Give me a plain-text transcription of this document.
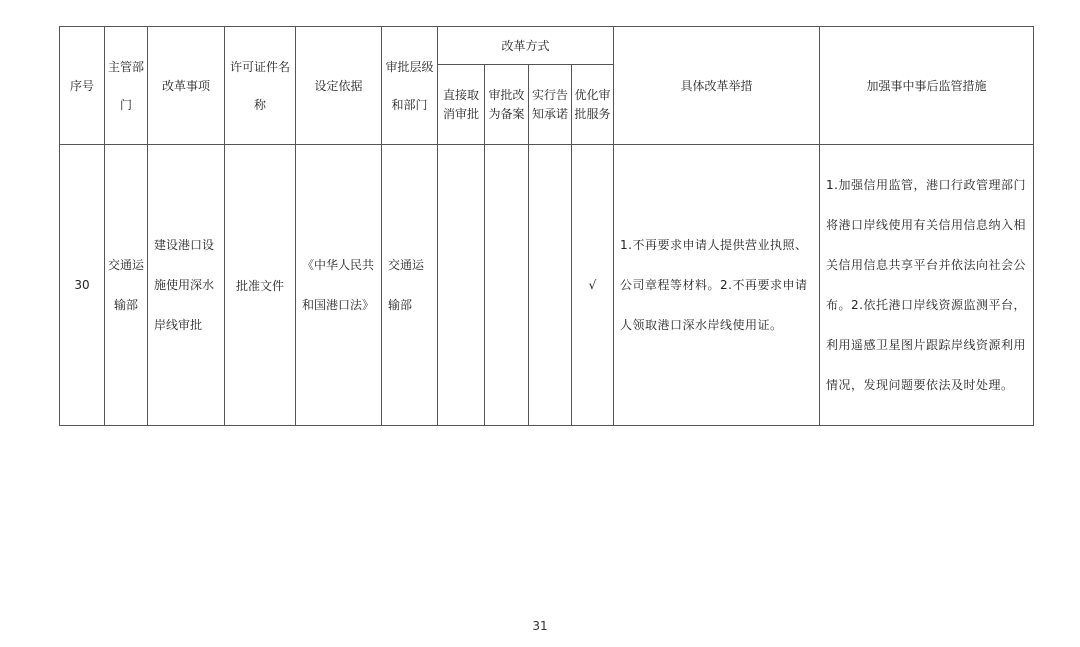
序号	主管部门	改革事项	许可证件名称	设定依据	审批层级和部门	改革方式				具体改革举措	加强事中事后监管措施
						直接取消审批	审批改为备案	实行告知承诺	优化审批服务		
30	交通运输部	建设港口设施使用深水岸线审批	批准文件	《中华人民共和国港口法》	交通运输部				√	1.不再要求申请人提供营业执照、公司章程等材料。2.不再要求申请人领取港口深水岸线使用证。	1.加强信用监管，港口行政管理部门将港口岸线使用有关信用信息纳入相关信用信息共享平台并依法向社会公布。2.依托港口岸线资源监测平台，利用遥感卫星图片跟踪岸线资源利用情况，发现问题要依法及时处理。
31
